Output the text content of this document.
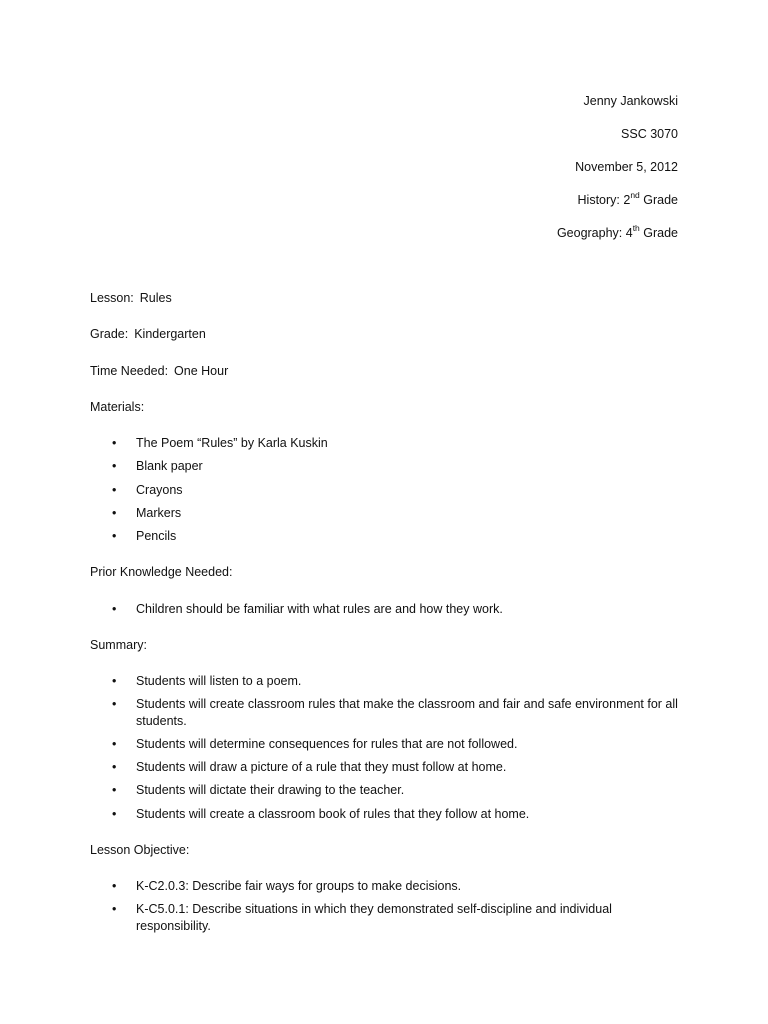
Jenny Jankowski
SSC 3070
November 5, 2012
History: 2nd Grade
Geography: 4th Grade
Lesson: Rules
Grade: Kindergarten
Time Needed: One Hour
Materials:
• The Poem “Rules” by Karla Kuskin
• Blank paper
• Crayons
• Markers
• Pencils
Prior Knowledge Needed:
• Children should be familiar with what rules are and how they work.
Summary:
• Students will listen to a poem.
• Students will create classroom rules that make the classroom and fair and safe environment for all students.
• Students will determine consequences for rules that are not followed.
• Students will draw a picture of a rule that they must follow at home.
• Students will dictate their drawing to the teacher.
• Students will create a classroom book of rules that they follow at home.
Lesson Objective:
• K-C2.0.3: Describe fair ways for groups to make decisions.
• K-C5.0.1: Describe situations in which they demonstrated self-discipline and individual responsibility.
